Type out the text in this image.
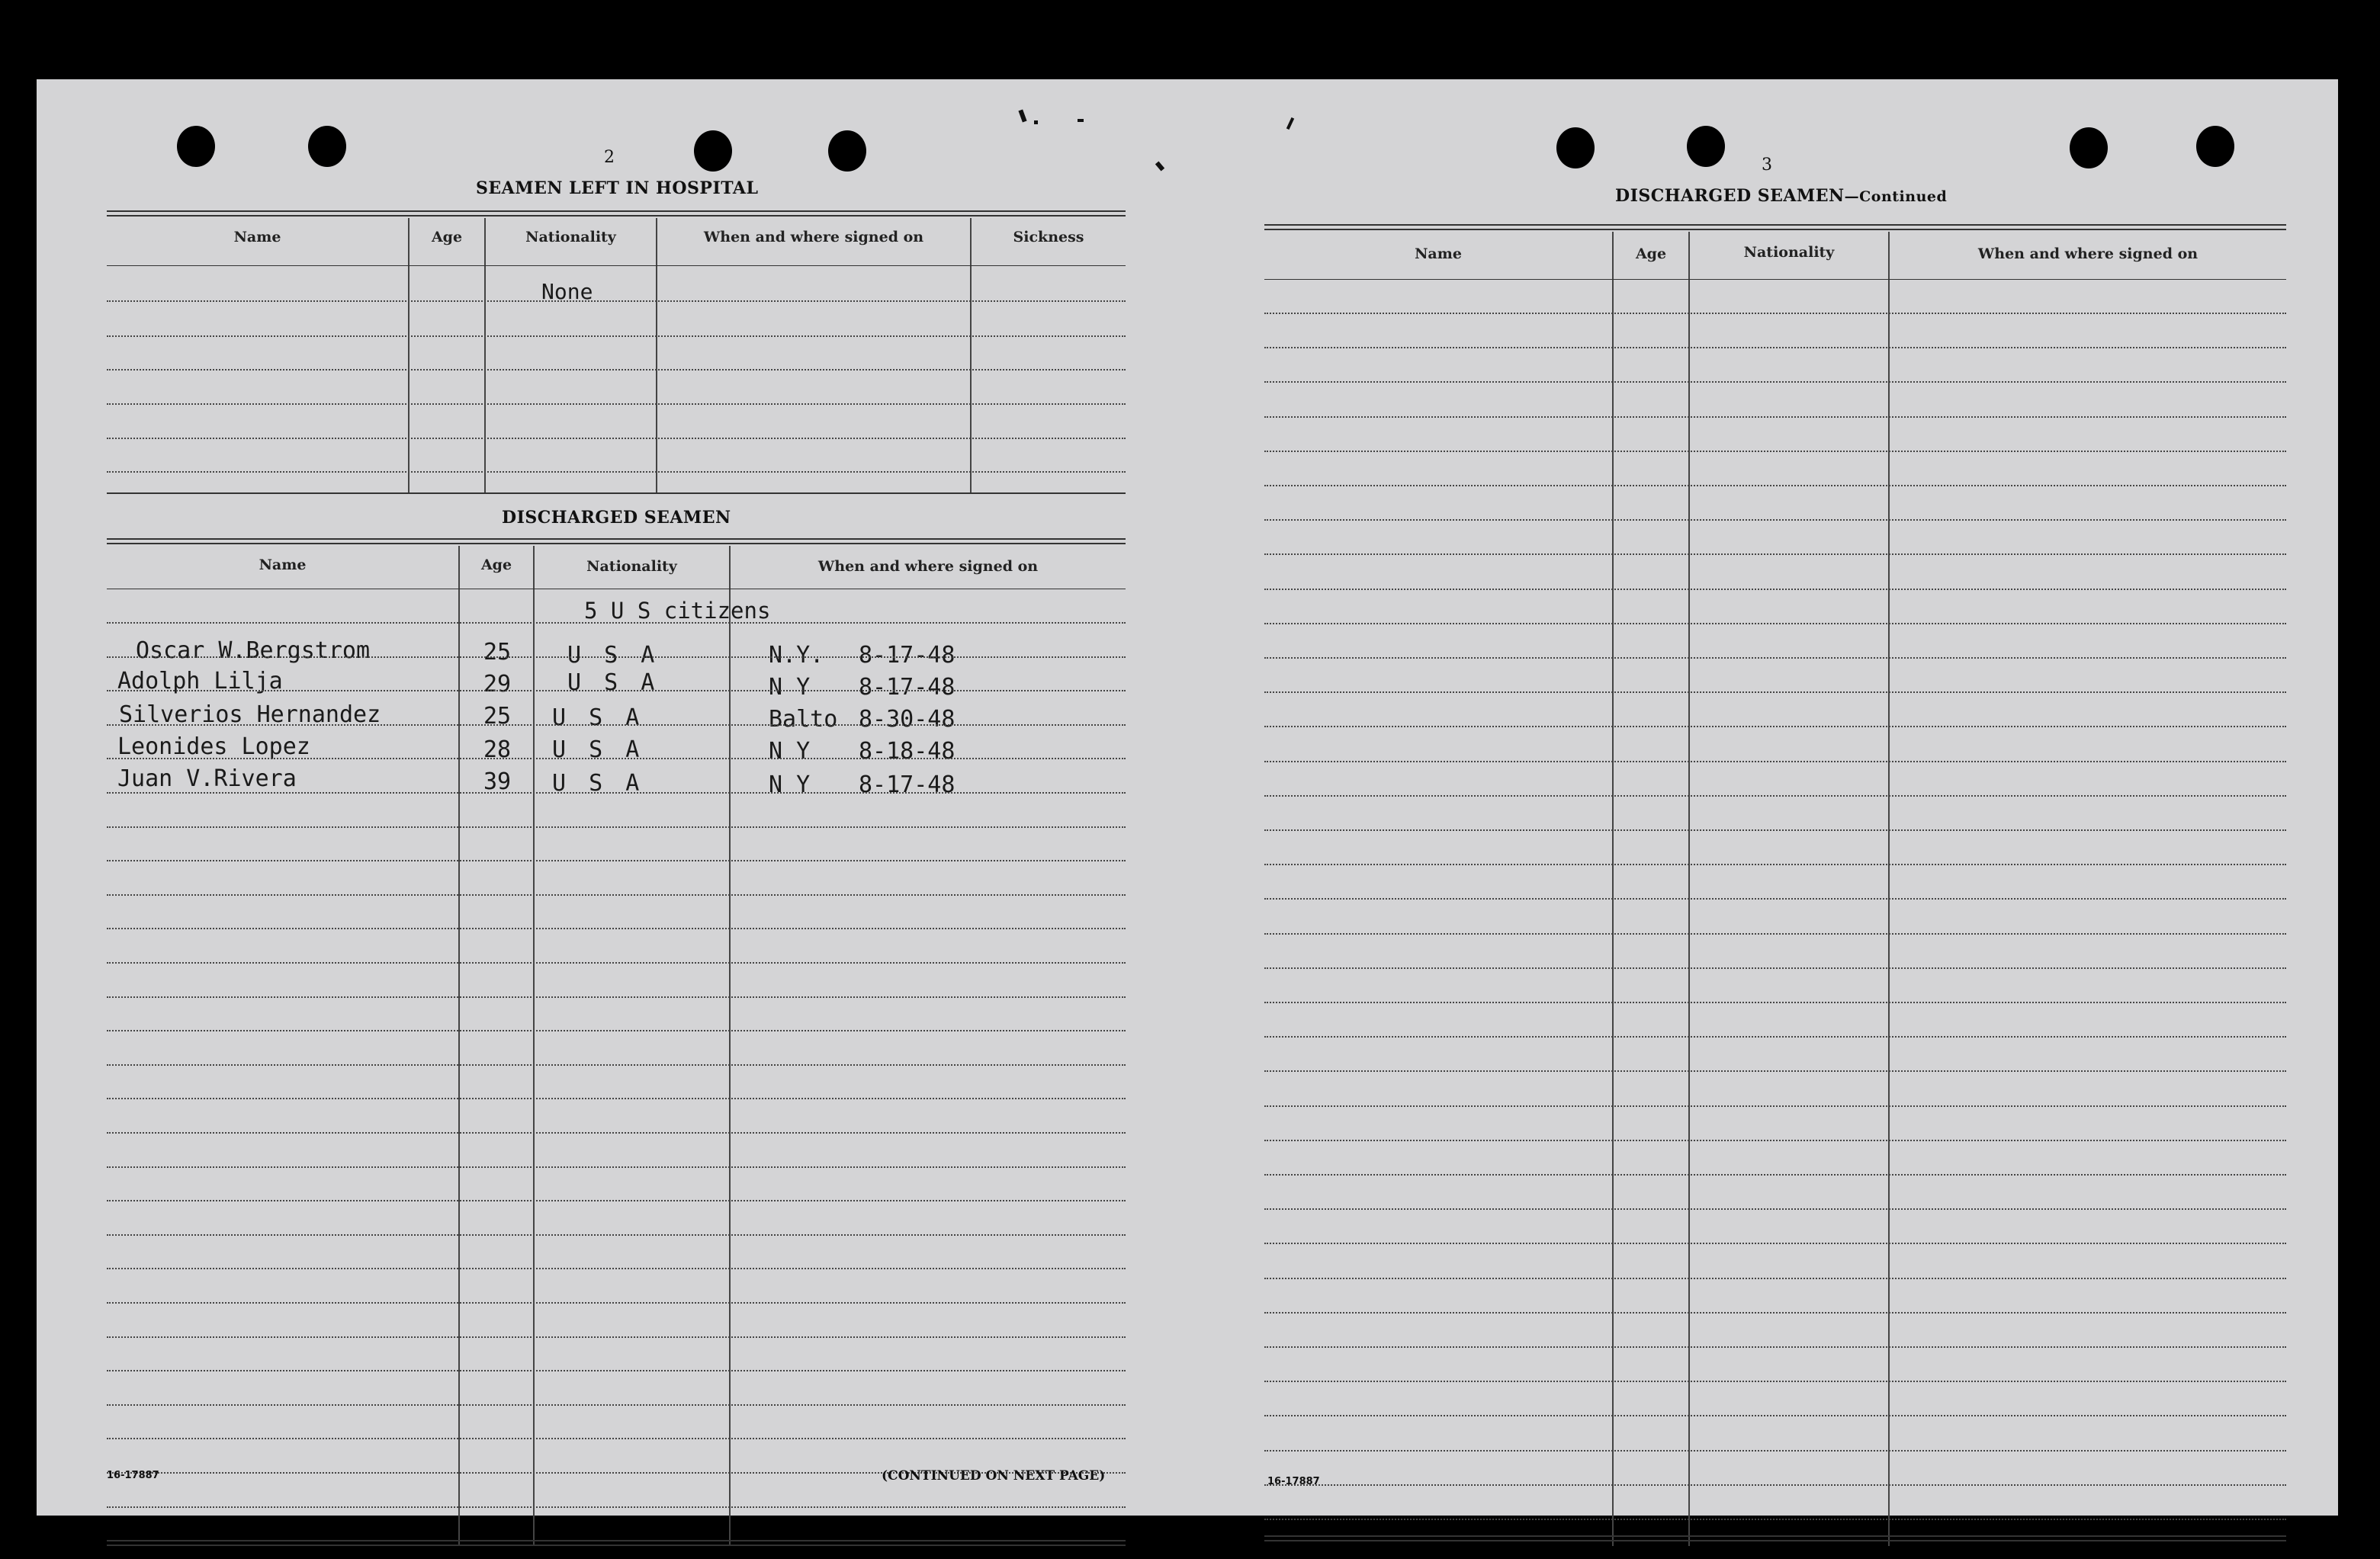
2
SEAMEN LEFT IN HOSPITAL
Name	Age	Nationality	When and where signed on	Sickness
None
DISCHARGED SEAMEN
Name	Age	Nationality	When and where signed on
5 U S citizens
Oscar W.Bergstrom	25 U S A	N.Y. 8-17-48
Adolph Lilja	29 U S A	N Y 8-17-48
Silverios Hernandez	25 U S A	Balto 8-30-48
Leonides Lopez	28 U S A	N Y 8-18-48
Juan V.Rivera	39 U S A	N Y 8-17-48
16-17887	(CONTINUED ON NEXT PAGE)
3
DISCHARGED SEAMEN—Continued
Name	Age	Nationality	When and where signed on
16-17887
